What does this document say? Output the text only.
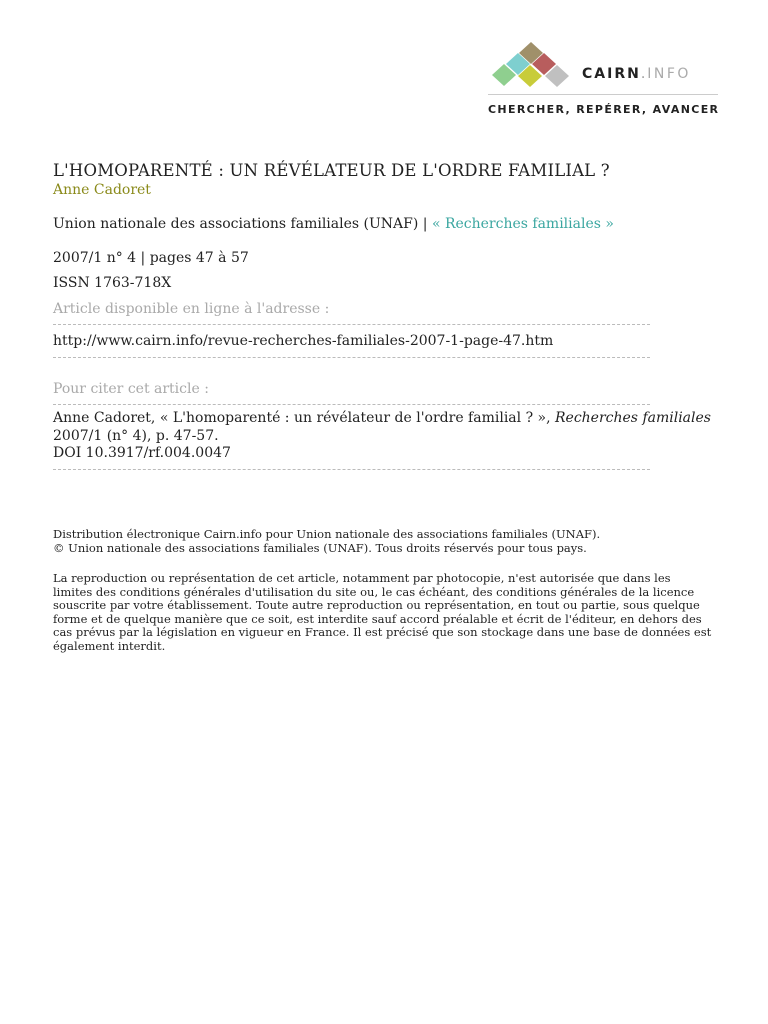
CAIRN.INFO
CHERCHER, REPÉRER, AVANCER

L'HOMOPARENTÉ : UN RÉVÉLATEUR DE L'ORDRE FAMILIAL ?

Anne Cadoret

Union nationale des associations familiales (UNAF) | « Recherches familiales »

2007/1 n° 4 | pages 47 à 57

ISSN 1763-718X

Article disponible en ligne à l'adresse :

http://www.cairn.info/revue-recherches-familiales-2007-1-page-47.htm

Pour citer cet article :

Anne Cadoret, « L'homoparenté : un révélateur de l'ordre familial ? », Recherches familiales 2007/1 (n° 4), p. 47-57.

DOI 10.3917/rf.004.0047

Distribution électronique Cairn.info pour Union nationale des associations familiales (UNAF).

© Union nationale des associations familiales (UNAF). Tous droits réservés pour tous pays.

La reproduction ou représentation de cet article, notamment par photocopie, n'est autorisée que dans les limites des conditions générales d'utilisation du site ou, le cas échéant, des conditions générales de la licence souscrite par votre établissement. Toute autre reproduction ou représentation, en tout ou partie, sous quelque forme et de quelque manière que ce soit, est interdite sauf accord préalable et écrit de l'éditeur, en dehors des cas prévus par la législation en vigueur en France. Il est précisé que son stockage dans une base de données est également interdit.
